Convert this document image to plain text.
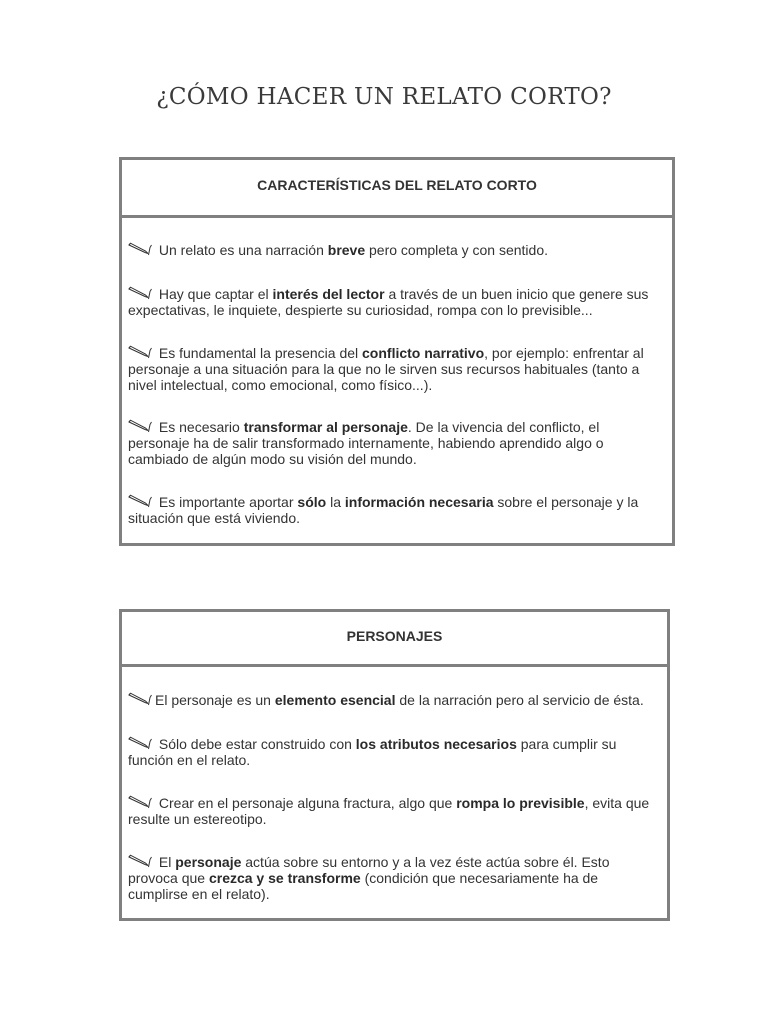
¿CÓMO HACER UN RELATO CORTO?
CARACTERÍSTICAS DEL RELATO CORTO
Un relato es una narración breve pero completa y con sentido.
Hay que captar el interés del lector a través de un buen inicio que genere sus expectativas, le inquiete, despierte su curiosidad, rompa con lo previsible...
Es fundamental la presencia del conflicto narrativo, por ejemplo: enfrentar al personaje a una situación para la que no le sirven sus recursos habituales (tanto a nivel intelectual, como emocional, como físico...).
Es necesario transformar al personaje. De la vivencia del conflicto, el personaje ha de salir transformado internamente, habiendo aprendido algo o cambiado de algún modo su visión del mundo.
Es importante aportar sólo la información necesaria sobre el personaje y la situación que está viviendo.
PERSONAJES
El personaje es un elemento esencial de la narración pero al servicio de ésta.
Sólo debe estar construido con los atributos necesarios para cumplir su función en el relato.
Crear en el personaje alguna fractura, algo que rompa lo previsible, evita que resulte un estereotipo.
El personaje actúa sobre su entorno y a la vez éste actúa sobre él. Esto provoca que crezca y se transforme (condición que necesariamente ha de cumplirse en el relato).
